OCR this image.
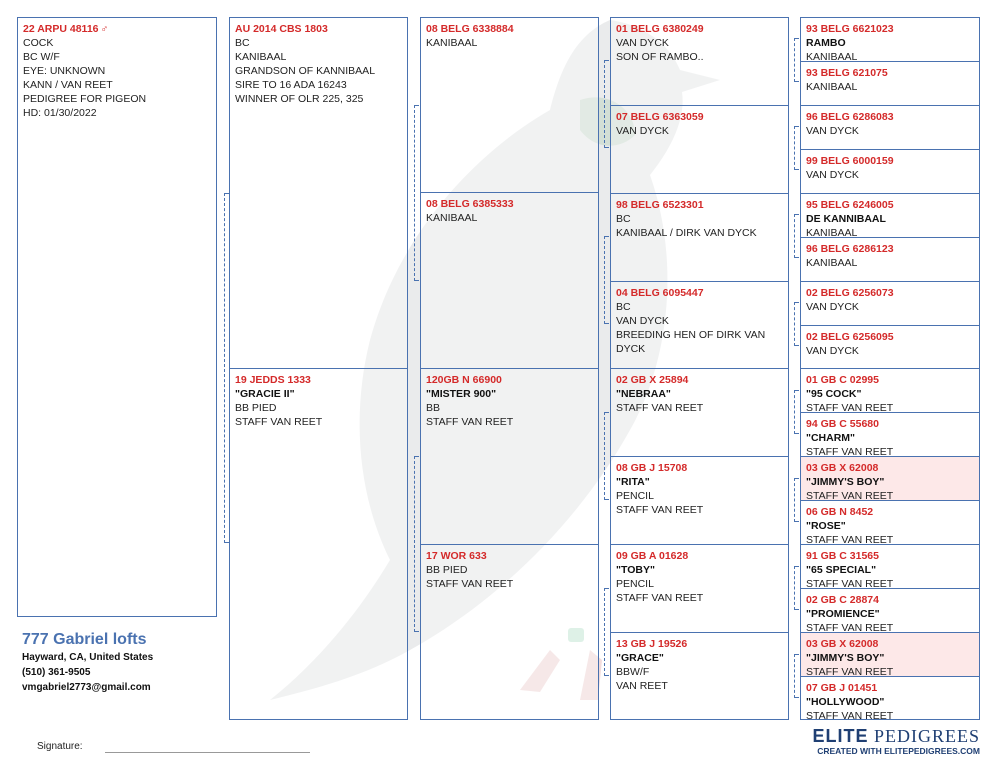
22 ARPU 48116 ♂
COCK
BC W/F
EYE: UNKNOWN
KANN / VAN REET
PEDIGREE FOR PIGEON
HD: 01/30/2022
AU 2014 CBS 1803
BC
KANIBAAL
GRANDSON OF KANNIBAAL
SIRE TO 16 ADA 16243
WINNER OF OLR 225, 325
19 JEDDS 1333
"GRACIE II"
BB PIED
STAFF VAN REET
08 BELG 6338884
KANIBAAL
08 BELG 6385333
KANIBAAL
120GB N 66900
"MISTER 900"
BB
STAFF VAN REET
17 WOR 633
BB PIED
STAFF VAN REET
01 BELG 6380249
VAN DYCK
SON OF RAMBO..
07 BELG 6363059
VAN DYCK
98 BELG 6523301
BC
KANIBAAL / DIRK VAN DYCK
04 BELG 6095447
BC
VAN DYCK
BREEDING HEN OF DIRK VAN DYCK
02 GB X 25894
"NEBRAA"
STAFF VAN REET
08 GB J 15708
"RITA"
PENCIL
STAFF VAN REET
09 GB A 01628
"TOBY"
PENCIL
STAFF VAN REET
13 GB J 19526
"GRACE"
BBW/F
VAN REET
93 BELG 6621023
RAMBO
KANIBAAL
93 BELG 621075
KANIBAAL
96 BELG 6286083
VAN DYCK
99 BELG 6000159
VAN DYCK
95 BELG 6246005
DE KANNIBAAL
KANIBAAL
96 BELG 6286123
KANIBAAL
02 BELG 6256073
VAN DYCK
02 BELG 6256095
VAN DYCK
01 GB C 02995
"95 COCK"
STAFF VAN REET
94 GB C 55680
"CHARM"
STAFF VAN REET
03 GB X 62008
"JIMMY'S BOY"
STAFF VAN REET
06 GB N 8452
"ROSE"
STAFF VAN REET
91 GB C 31565
"65 SPECIAL"
STAFF VAN REET
02 GB C 28874
"PROMIENCE"
STAFF VAN REET
03 GB X 62008
"JIMMY'S BOY"
STAFF VAN REET
07 GB J 01451
"HOLLYWOOD"
STAFF VAN REET
777 Gabriel lofts
Hayward, CA, United States
(510) 361-9505
vmgabriel2773@gmail.com
Signature:
ELITE PEDIGREES
CREATED WITH ELITEPEDIGREES.COM
